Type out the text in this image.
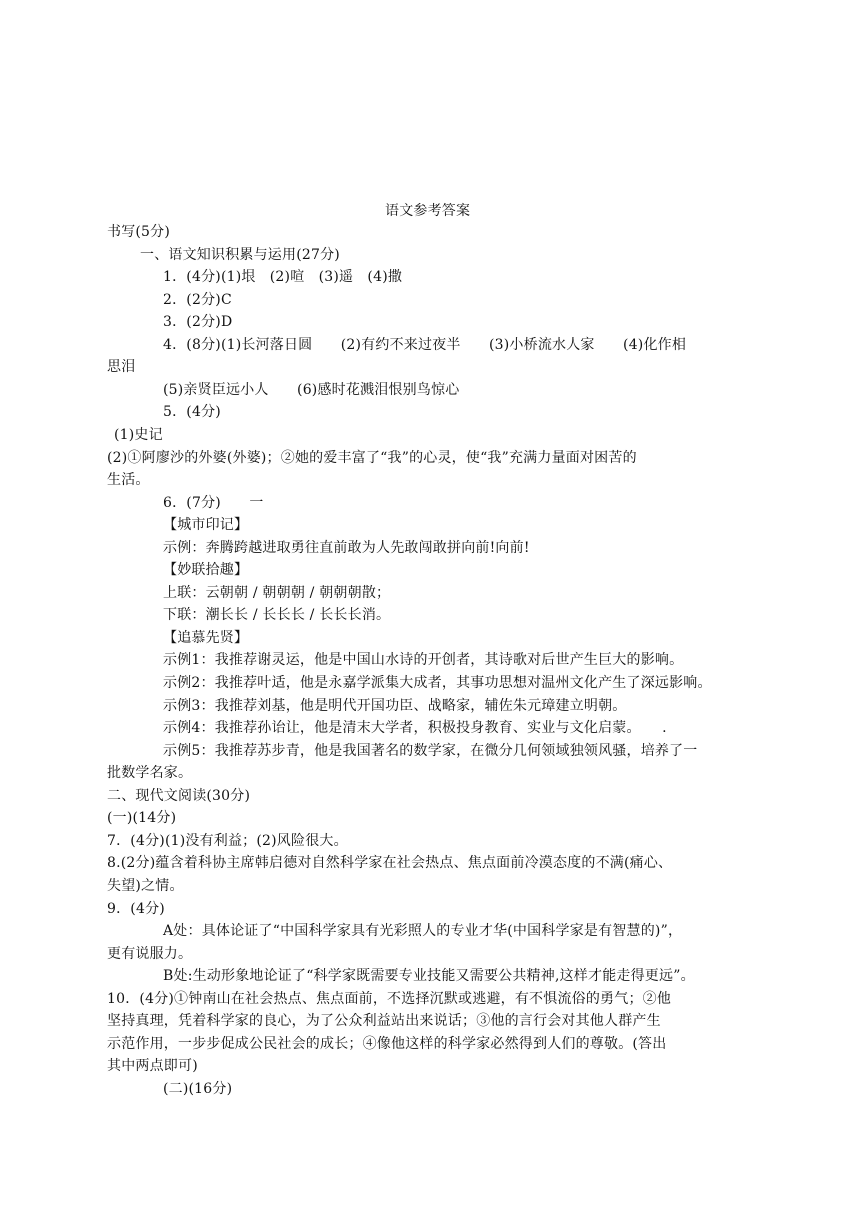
语文参考答案
书写(5分)
一、语文知识积累与运用(27分)
1．(4分)(1)垠　(2)喧　(3)遥　(4)撒
2．(2分)C
3．(2分)D
4．(8分)(1)长河落日圆　　(2)有约不来过夜半　　(3)小桥流水人家　　(4)化作相
思泪
(5)亲贤臣远小人　　(6)感时花溅泪恨别鸟惊心
5．(4分)
(1)史记
(2)①阿廖沙的外婆(外婆)；②她的爱丰富了“我”的心灵，使“我”充满力量面对困苦的
生活。
6．(7分)　　一
【城市印记】
示例：奔腾跨越进取勇往直前敢为人先敢闯敢拼向前!向前!
【妙联拾趣】
上联：云朝朝 / 朝朝朝 / 朝朝朝散；
下联：潮长长 / 长长长 / 长长长消。
【追慕先贤】
示例1：我推荐谢灵运，他是中国山水诗的开创者，其诗歌对后世产生巨大的影响。
示例2：我推荐叶适，他是永嘉学派集大成者，其事功思想对温州文化产生了深远影响。
示例3：我推荐刘基，他是明代开国功臣、战略家，辅佐朱元璋建立明朝。
示例4：我推荐孙诒让，他是清末大学者，积极投身教育、实业与文化启蒙。　　.
示例5：我推荐苏步青，他是我国著名的数学家，在微分几何领域独领风骚，培养了一
批数学名家。
二、现代文阅读(30分)
(一)(14分)
7．(4分)(1)没有利益；(2)风险很大。
8.(2分)蕴含着科协主席韩启德对自然科学家在社会热点、焦点面前冷漠态度的不满(痛心、
失望)之情。
9．(4分)
A处：具体论证了“中国科学家具有光彩照人的专业才华(中国科学家是有智慧的)”，
更有说服力。
B处:生动形象地论证了“科学家既需要专业技能又需要公共精神,这样才能走得更远”。
10．(4分)①钟南山在社会热点、焦点面前，不选择沉默或逃避，有不惧流俗的勇气；②他
坚持真理，凭着科学家的良心，为了公众利益站出来说话；③他的言行会对其他人群产生
示范作用，一步步促成公民社会的成长；④像他这样的科学家必然得到人们的尊敬。(答出
其中两点即可)
(二)(16分)
